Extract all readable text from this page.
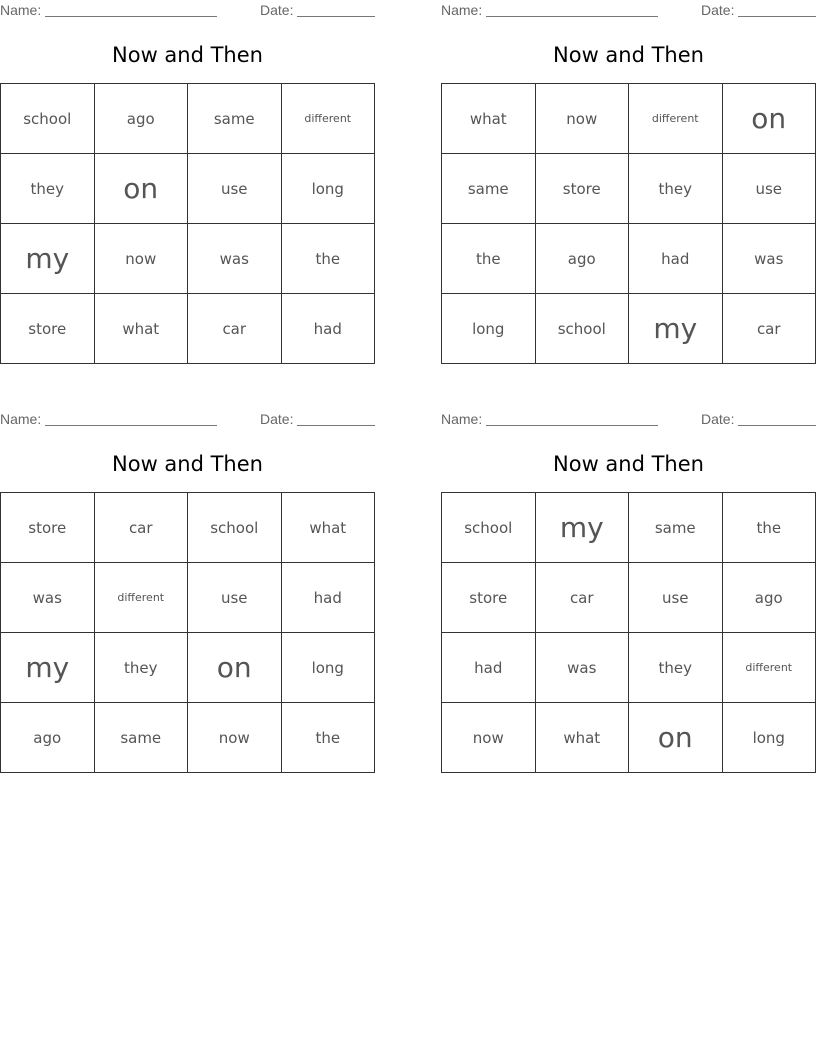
Name:	Date:
Now and Then
school	ago	same	different
they	on	use	long
my	now	was	the
store	what	car	had
Name:	Date:
Now and Then
what	now	different	on
same	store	they	use
the	ago	had	was
long	school	my	car
Name:	Date:
Now and Then
store	car	school	what
was	different	use	had
my	they	on	long
ago	same	now	the
Name:	Date:
Now and Then
school	my	same	the
store	car	use	ago
had	was	they	different
now	what	on	long
